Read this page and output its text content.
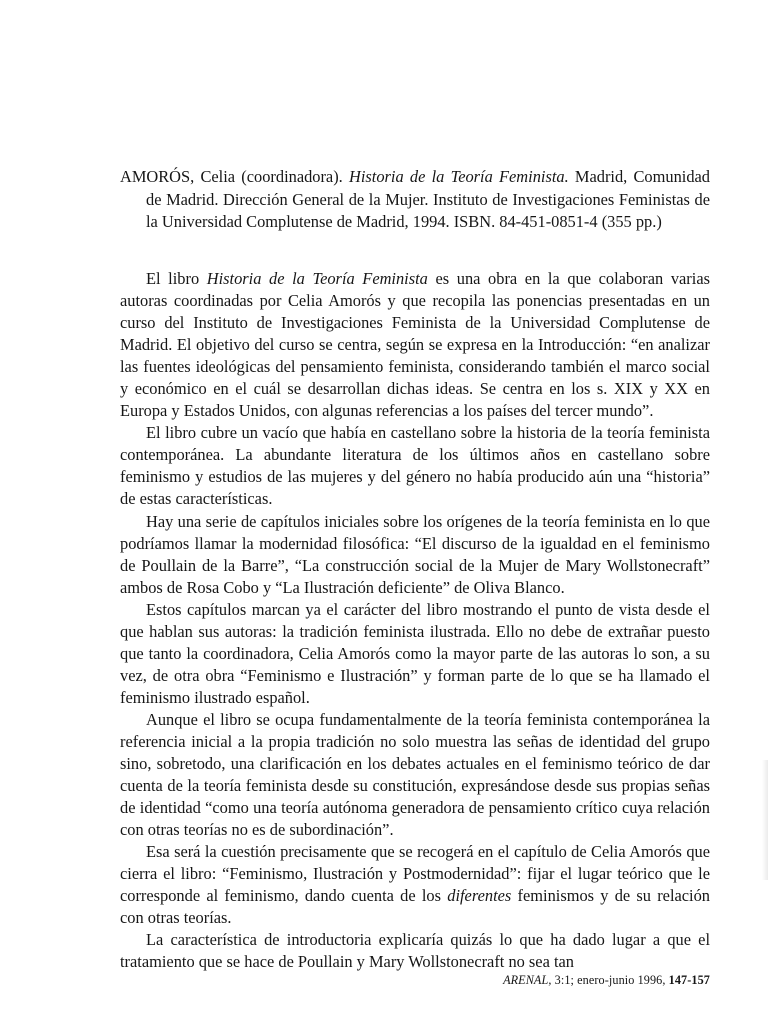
AMORÓS, Celia (coordinadora). Historia de la Teoría Feminista. Madrid, Comunidad de Madrid. Dirección General de la Mujer. Instituto de Investigaciones Feministas de la Universidad Complutense de Madrid, 1994. ISBN. 84-451-0851-4 (355 pp.)

El libro Historia de la Teoría Feminista es una obra en la que colaboran varias autoras coordinadas por Celia Amorós y que recopila las ponencias presentadas en un curso del Instituto de Investigaciones Feminista de la Universidad Complutense de Madrid. El objetivo del curso se centra, según se expresa en la Introducción: “en analizar las fuentes ideológicas del pensamiento feminista, considerando también el marco social y económico en el cuál se desarrollan dichas ideas. Se centra en los s. XIX y XX en Europa y Estados Unidos, con algunas referencias a los países del tercer mundo”.

El libro cubre un vacío que había en castellano sobre la historia de la teoría feminista contemporánea. La abundante literatura de los últimos años en castellano sobre feminismo y estudios de las mujeres y del género no había producido aún una “historia” de estas características.

Hay una serie de capítulos iniciales sobre los orígenes de la teoría feminista en lo que podríamos llamar la modernidad filosófica: “El discurso de la igualdad en el feminismo de Poullain de la Barre”, “La construcción social de la Mujer de Mary Wollstonecraft” ambos de Rosa Cobo y “La Ilustración deficiente” de Oliva Blanco.

Estos capítulos marcan ya el carácter del libro mostrando el punto de vista desde el que hablan sus autoras: la tradición feminista ilustrada. Ello no debe de extrañar puesto que tanto la coordinadora, Celia Amorós como la mayor parte de las autoras lo son, a su vez, de otra obra “Feminismo e Ilustración” y forman parte de lo que se ha llamado el feminismo ilustrado español.

Aunque el libro se ocupa fundamentalmente de la teoría feminista contemporánea la referencia inicial a la propia tradición no solo muestra las señas de identidad del grupo sino, sobretodo, una clarificación en los debates actuales en el feminismo teórico de dar cuenta de la teoría feminista desde su constitución, expresándose desde sus propias señas de identidad “como una teoría autónoma generadora de pensamiento crítico cuya relación con otras teorías no es de subordinación”.

Esa será la cuestión precisamente que se recogerá en el capítulo de Celia Amorós que cierra el libro: “Feminismo, Ilustración y Postmodernidad”: fijar el lugar teórico que le corresponde al feminismo, dando cuenta de los diferentes feminismos y de su relación con otras teorías.

La característica de introductoria explicaría quizás lo que ha dado lugar a que el tratamiento que se hace de Poullain y Mary Wollstonecraft no sea tan

ARENAL, 3:1; enero-junio 1996, 147-157
